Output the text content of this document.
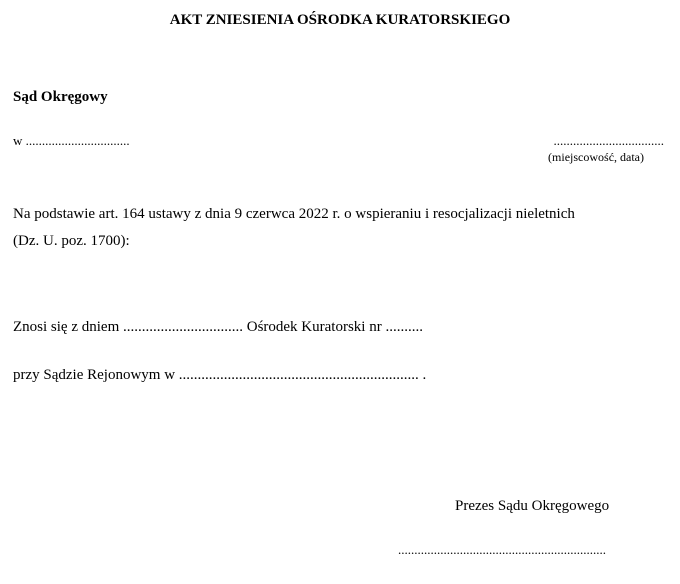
AKT ZNIESIENIA OŚRODKA KURATORSKIEGO
Sąd Okręgowy
w ................................	..................................
(miejscowość, data)
Na podstawie art. 164 ustawy z dnia 9 czerwca 2022 r. o wspieraniu i resocjalizacji nieletnich
(Dz. U. poz. 1700):
Znosi się z dniem ................................ Ośrodek Kuratorski nr ..........
przy Sądzie Rejonowym w ................................................................ .
Prezes Sądu Okręgowego
................................................................
